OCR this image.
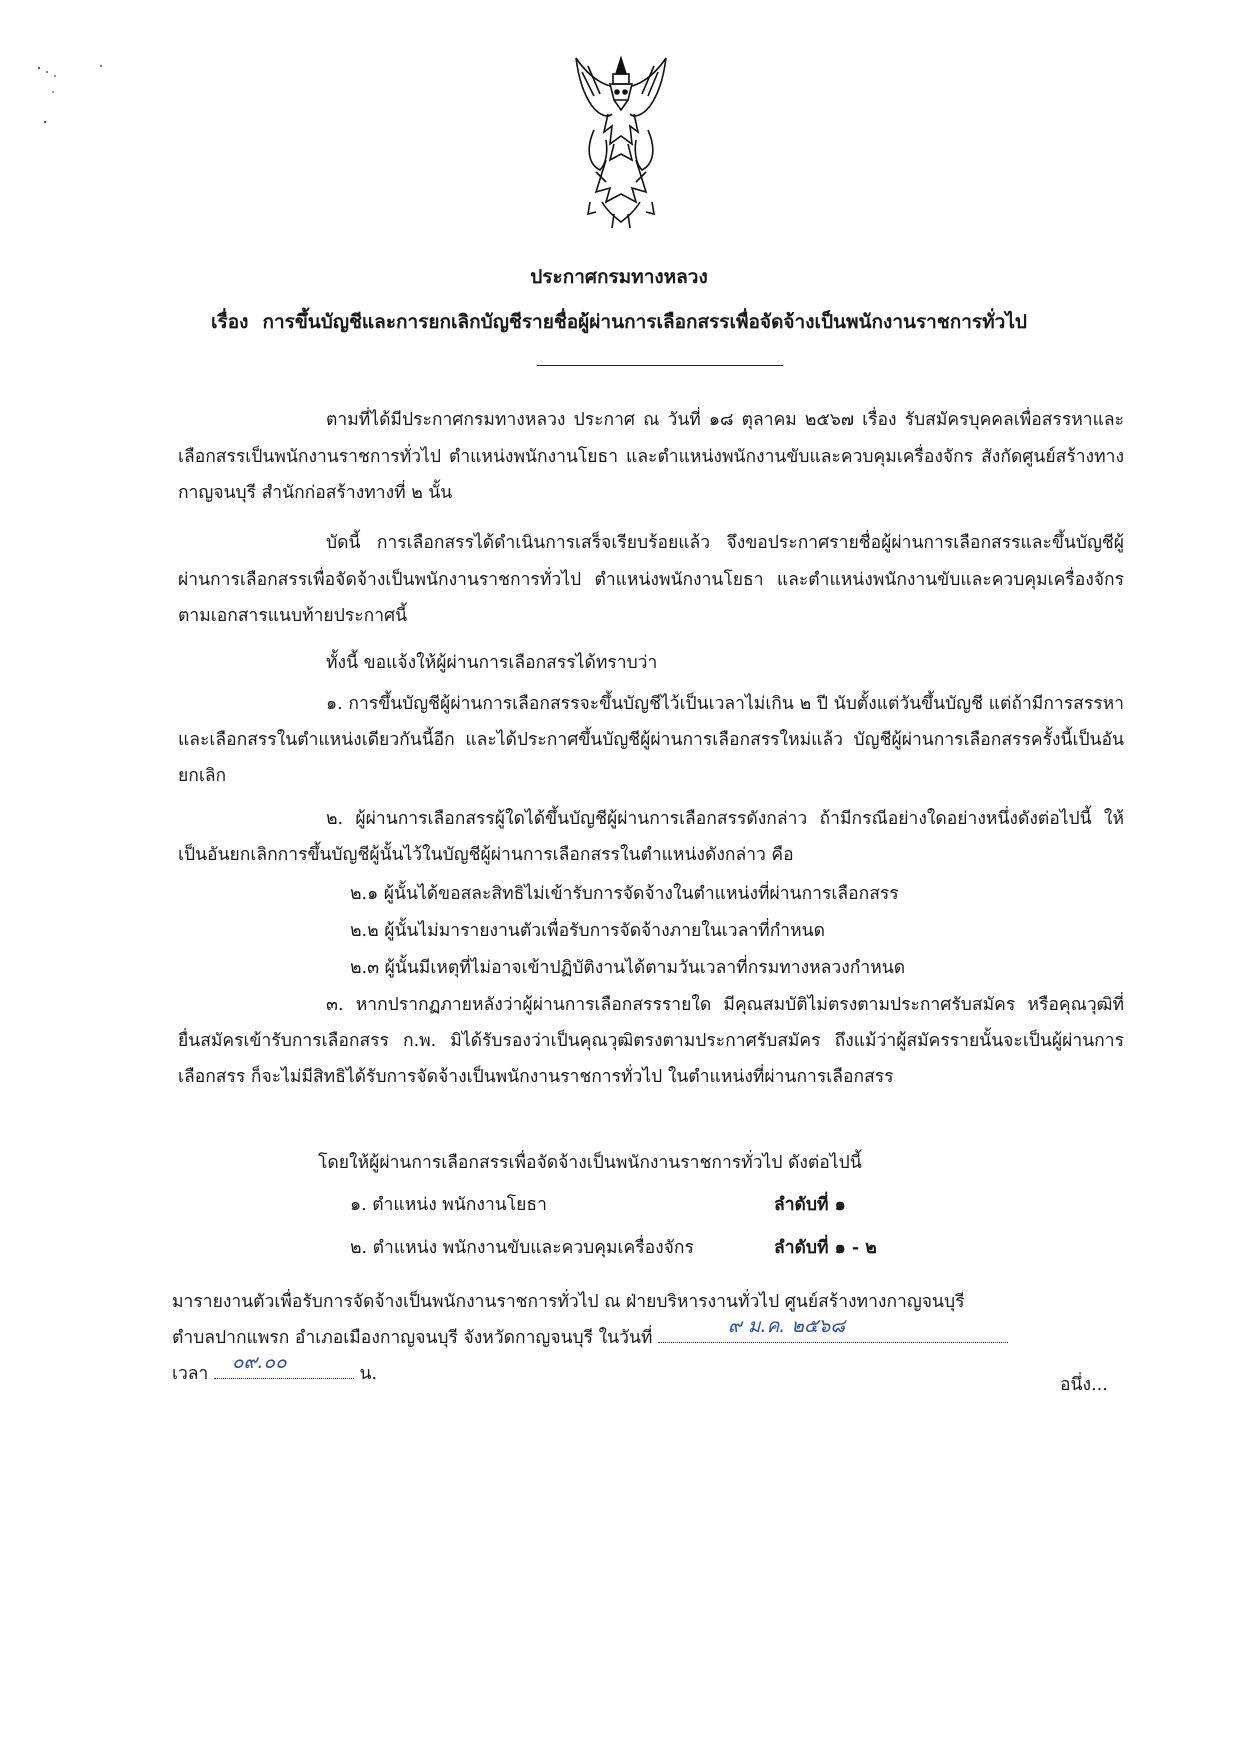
ประกาศกรมทางหลวง
เรื่อง การขึ้นบัญชีและการยกเลิกบัญชีรายชื่อผู้ผ่านการเลือกสรรเพื่อจัดจ้างเป็นพนักงานราชการทั่วไป

ตามที่ได้มีประกาศกรมทางหลวง ประกาศ ณ วันที่ ๑๘ ตุลาคม ๒๕๖๗ เรื่อง รับสมัครบุคคลเพื่อสรรหาและเลือกสรรเป็นพนักงานราชการทั่วไป ตำแหน่งพนักงานโยธา และตำแหน่งพนักงานขับและควบคุมเครื่องจักร สังกัดศูนย์สร้างทางกาญจนบุรี สำนักก่อสร้างทางที่ ๒ นั้น

บัดนี้ การเลือกสรรได้ดำเนินการเสร็จเรียบร้อยแล้ว จึงขอประกาศรายชื่อผู้ผ่านการเลือกสรรและขึ้นบัญชีผู้ผ่านการเลือกสรรเพื่อจัดจ้างเป็นพนักงานราชการทั่วไป ตำแหน่งพนักงานโยธา และตำแหน่งพนักงานขับและควบคุมเครื่องจักร ตามเอกสารแนบท้ายประกาศนี้

ทั้งนี้ ขอแจ้งให้ผู้ผ่านการเลือกสรรได้ทราบว่า

๑. การขึ้นบัญชีผู้ผ่านการเลือกสรรจะขึ้นบัญชีไว้เป็นเวลาไม่เกิน ๒ ปี นับตั้งแต่วันขึ้นบัญชี แต่ถ้ามีการสรรหาและเลือกสรรในตำแหน่งเดียวกันนี้อีก และได้ประกาศขึ้นบัญชีผู้ผ่านการเลือกสรรใหม่แล้ว บัญชีผู้ผ่านการเลือกสรรครั้งนี้เป็นอันยกเลิก

๒. ผู้ผ่านการเลือกสรรผู้ใดได้ขึ้นบัญชีผู้ผ่านการเลือกสรรดังกล่าว ถ้ามีกรณีอย่างใดอย่างหนึ่งดังต่อไปนี้ ให้เป็นอันยกเลิกการขึ้นบัญชีผู้นั้นไว้ในบัญชีผู้ผ่านการเลือกสรรในตำแหน่งดังกล่าว คือ

๒.๑ ผู้นั้นได้ขอสละสิทธิไม่เข้ารับการจัดจ้างในตำแหน่งที่ผ่านการเลือกสรร

๒.๒ ผู้นั้นไม่มารายงานตัวเพื่อรับการจัดจ้างภายในเวลาที่กำหนด

๒.๓ ผู้นั้นมีเหตุที่ไม่อาจเข้าปฏิบัติงานได้ตามวันเวลาที่กรมทางหลวงกำหนด

๓. หากปรากฏภายหลังว่าผู้ผ่านการเลือกสรรรายใด มีคุณสมบัติไม่ตรงตามประกาศรับสมัคร หรือคุณวุฒิที่ยื่นสมัครเข้ารับการเลือกสรร ก.พ. มิได้รับรองว่าเป็นคุณวุฒิตรงตามประกาศรับสมัคร ถึงแม้ว่าผู้สมัครรายนั้นจะเป็นผู้ผ่านการเลือกสรร ก็จะไม่มีสิทธิได้รับการจัดจ้างเป็นพนักงานราชการทั่วไป ในตำแหน่งที่ผ่านการเลือกสรร

โดยให้ผู้ผ่านการเลือกสรรเพื่อจัดจ้างเป็นพนักงานราชการทั่วไป ดังต่อไปนี้

๑. ตำแหน่ง พนักงานโยธา	ลำดับที่ ๑
๒. ตำแหน่ง พนักงานขับและควบคุมเครื่องจักร	ลำดับที่ ๑ - ๒

มารายงานตัวเพื่อรับการจัดจ้างเป็นพนักงานราชการทั่วไป ณ ฝ่ายบริหารงานทั่วไป ศูนย์สร้างทางกาญจนบุรี
ตำบลปากแพรก อำเภอเมืองกาญจนบุรี จังหวัดกาญจนบุรี ในวันที่
๙ ม.ค. ๒๕๖๘

เวลา
๐๙.๐๐
น.

อนึ่ง...
